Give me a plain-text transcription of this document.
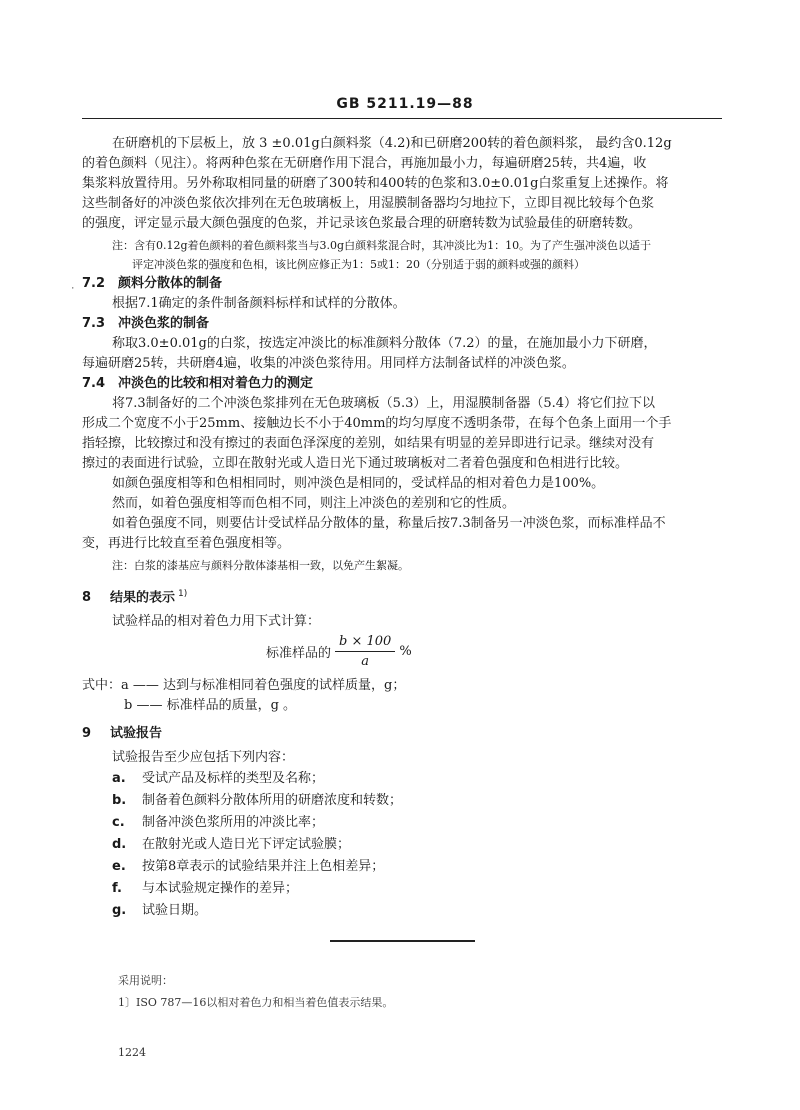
GB 5211.19—88
在研磨机的下层板上，放 3 ±0.01g白颜料浆（4.2)和已研磨200转的着色颜料浆， 最约含0.12g
的着色颜料（见注）。将两种色浆在无研磨作用下混合，再施加最小力，每遍研磨25转，共4遍，收
集浆料放置待用。另外称取相同量的研磨了300转和400转的色浆和3.0±0.01g白浆重复上述操作。将
这些制备好的冲淡色浆依次排列在无色玻璃板上，用湿膜制备器均匀地拉下，立即目视比较每个色浆
的强度，评定显示最大颜色强度的色浆，并记录该色浆最合理的研磨转数为试验最佳的研磨转数。
注：含有0.12g着色颜料的着色颜料浆当与3.0g白颜料浆混合时，其冲淡比为1：10。为了产生强冲淡色以适于
评定冲淡色浆的强度和色相，该比例应修正为1：5或1：20（分别适于弱的颜料或强的颜料）
˙
7.2 颜料分散体的制备
根据7.1确定的条件制备颜料标样和试样的分散体。
7.3 冲淡色浆的制备
称取3.0±0.01g的白浆，按选定冲淡比的标准颜料分散体（7.2）的量，在施加最小力下研磨，
每遍研磨25转，共研磨4遍，收集的冲淡色浆待用。用同样方法制备试样的冲淡色浆。
7.4 冲淡色的比较和相对着色力的测定
将7.3制备好的二个冲淡色浆排列在无色玻璃板（5.3）上，用湿膜制备器（5.4）将它们拉下以
形成二个宽度不小于25mm、接触边长不小于40mm的均匀厚度不透明条带，在每个色条上面用一个手
指轻擦，比较擦过和没有擦过的表面色泽深度的差别，如结果有明显的差异即进行记录。继续对没有
擦过的表面进行试验，立即在散射光或人造日光下通过玻璃板对二者着色强度和色相进行比较。
如颜色强度相等和色相相同时，则冲淡色是相同的，受试样品的相对着色力是100%。
然而，如着色强度相等而色相不同，则注上冲淡色的差别和它的性质。
如着色强度不同，则要估计受试样品分散体的量，称量后按7.3制备另一冲淡色浆，而标准样品不
变，再进行比较直至着色强度相等。
注：白浆的漆基应与颜料分散体漆基相一致，以免产生絮凝。
8 结果的表示 $^{1)}$
试验样品的相对着色力用下式计算：
标准样品的 $\frac{b \times 100}{a}$ %
式中：a —— 达到与标准相同着色强度的试样质量，g；
b —— 标准样品的质量，g 。
9 试验报告
试验报告至少应包括下列内容：
a. 受试产品及标样的类型及名称；
b. 制备着色颜料分散体所用的研磨浓度和转数；
c. 制备冲淡色浆所用的冲淡比率；
d. 在散射光或人造日光下评定试验膜；
e. 按第8章表示的试验结果并注上色相差异；
f. 与本试验规定操作的差异；
g. 试验日期。
采用说明：
1〕ISO 787—16以相对着色力和相当着色值表示结果。
1224
